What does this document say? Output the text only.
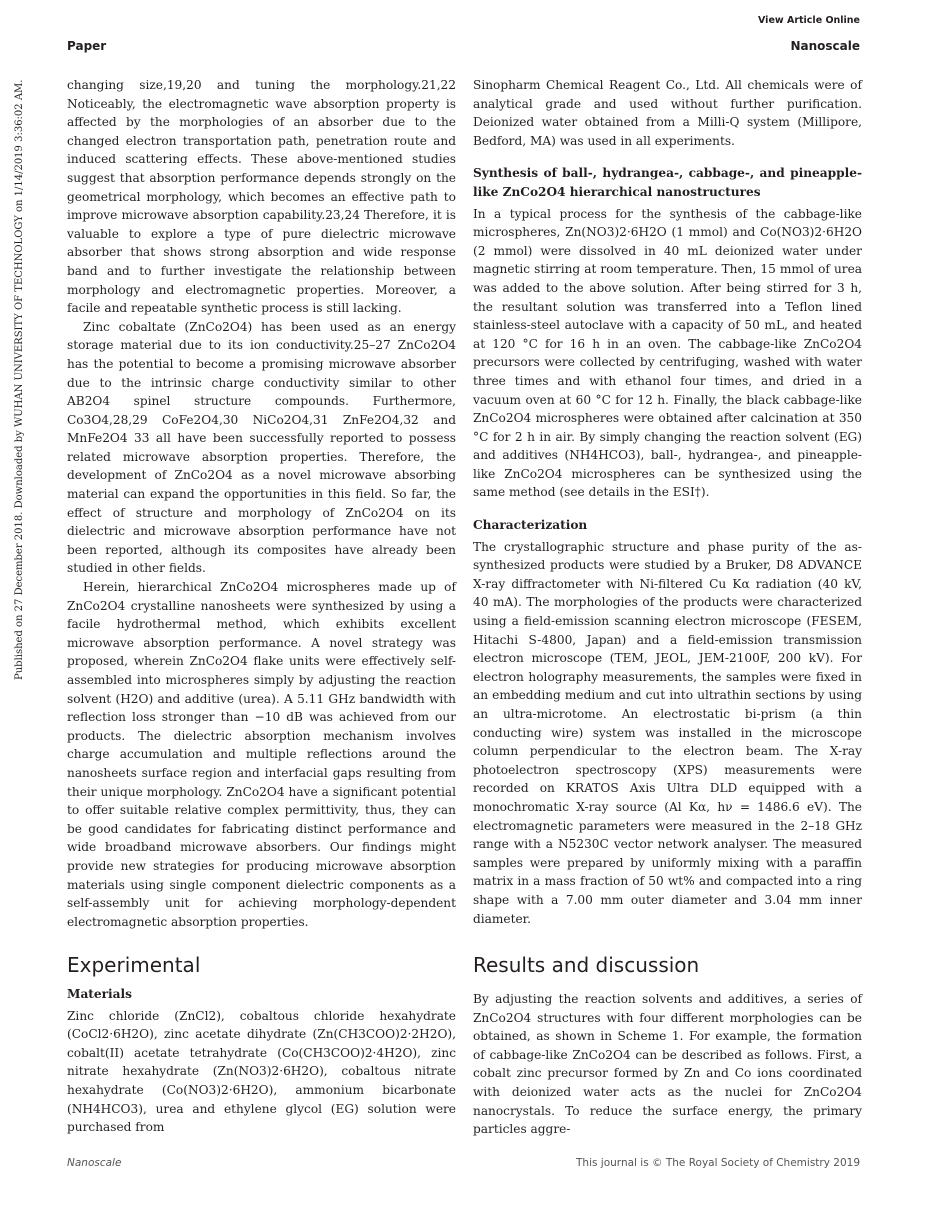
View Article Online
Paper	Nanoscale
Published on 27 December 2018. Downloaded by WUHAN UNIVERSITY OF TECHNOLOGY on 1/14/2019 3:36:02 AM.	changing size,19,20 and tuning the morphology.21,22 Noticeably, the electromagnetic wave absorption property is affected by the morphologies of an absorber due to the changed electron transportation path, penetration route and induced scattering effects. These above-mentioned studies suggest that absorption performance depends strongly on the geometrical morphology, which becomes an effective path to improve microwave absorption capability.23,24 Therefore, it is valuable to explore a type of pure dielectric microwave absorber that shows strong absorption and wide response band and to further investigate the relationship between morphology and electromagnetic properties. Moreover, a facile and repeatable synthetic process is still lacking.

Zinc cobaltate (ZnCo2O4) has been used as an energy storage material due to its ion conductivity.25–27 ZnCo2O4 has the potential to become a promising microwave absorber due to the intrinsic charge conductivity similar to other AB2O4 spinel structure compounds. Furthermore, Co3O4,28,29 CoFe2O4,30 NiCo2O4,31 ZnFe2O4,32 and MnFe2O4 33 all have been successfully reported to possess related microwave absorption properties. Therefore, the development of ZnCo2O4 as a novel microwave absorbing material can expand the opportunities in this field. So far, the effect of structure and morphology of ZnCo2O4 on its dielectric and microwave absorption performance have not been reported, although its composites have already been studied in other fields.

Herein, hierarchical ZnCo2O4 microspheres made up of ZnCo2O4 crystalline nanosheets were synthesized by using a facile hydrothermal method, which exhibits excellent microwave absorption performance. A novel strategy was proposed, wherein ZnCo2O4 flake units were effectively self-assembled into microspheres simply by adjusting the reaction solvent (H2O) and additive (urea). A 5.11 GHz bandwidth with reflection loss stronger than −10 dB was achieved from our products. The dielectric absorption mechanism involves charge accumulation and multiple reflections around the nanosheets surface region and interfacial gaps resulting from their unique morphology. ZnCo2O4 have a significant potential to offer suitable relative complex permittivity, thus, they can be good candidates for fabricating distinct performance and wide broadband microwave absorbers. Our findings might provide new strategies for producing microwave absorption materials using single component dielectric components as a self-assembly unit for achieving morphology-dependent electromagnetic absorption properties.

Sinopharm Chemical Reagent Co., Ltd. All chemicals were of analytical grade and used without further purification. Deionized water obtained from a Milli-Q system (Millipore, Bedford, MA) was used in all experiments.

Synthesis of ball-, hydrangea-, cabbage-, and pineapple-like ZnCo2O4 hierarchical nanostructures

In a typical process for the synthesis of the cabbage-like microspheres, Zn(NO3)2·6H2O (1 mmol) and Co(NO3)2·6H2O (2 mmol) were dissolved in 40 mL deionized water under magnetic stirring at room temperature. Then, 15 mmol of urea was added to the above solution. After being stirred for 3 h, the resultant solution was transferred into a Teflon lined stainless-steel autoclave with a capacity of 50 mL, and heated at 120 °C for 16 h in an oven. The cabbage-like ZnCo2O4 precursors were collected by centrifuging, washed with water three times and with ethanol four times, and dried in a vacuum oven at 60 °C for 12 h. Finally, the black cabbage-like ZnCo2O4 microspheres were obtained after calcination at 350 °C for 2 h in air. By simply changing the reaction solvent (EG) and additives (NH4HCO3), ball-, hydrangea-, and pineapple-like ZnCo2O4 microspheres can be synthesized using the same method (see details in the ESI†).

Characterization

The crystallographic structure and phase purity of the as-synthesized products were studied by a Bruker, D8 ADVANCE X-ray diffractometer with Ni-filtered Cu Kα radiation (40 kV, 40 mA). The morphologies of the products were characterized using a field-emission scanning electron microscope (FESEM, Hitachi S-4800, Japan) and a field-emission transmission electron microscope (TEM, JEOL, JEM-2100F, 200 kV). For electron holography measurements, the samples were fixed in an embedding medium and cut into ultrathin sections by using an ultra-microtome. An electrostatic bi-prism (a thin conducting wire) system was installed in the microscope column perpendicular to the electron beam. The X-ray photoelectron spectroscopy (XPS) measurements were recorded on KRATOS Axis Ultra DLD equipped with a monochromatic X-ray source (Al Kα, hν = 1486.6 eV). The electromagnetic parameters were measured in the 2–18 GHz range with a N5230C vector network analyser. The measured samples were prepared by uniformly mixing with a paraffin matrix in a mass fraction of 50 wt% and compacted into a ring shape with a 7.00 mm outer diameter and 3.04 mm inner diameter.

Experimental

Materials

Zinc chloride (ZnCl2), cobaltous chloride hexahydrate (CoCl2·6H2O), zinc acetate dihydrate (Zn(CH3COO)2·2H2O), cobalt(II) acetate tetrahydrate (Co(CH3COO)2·4H2O), zinc nitrate hexahydrate (Zn(NO3)2·6H2O), cobaltous nitrate hexahydrate (Co(NO3)2·6H2O), ammonium bicarbonate (NH4HCO3), urea and ethylene glycol (EG) solution were purchased from

Results and discussion

By adjusting the reaction solvents and additives, a series of ZnCo2O4 structures with four different morphologies can be obtained, as shown in Scheme 1. For example, the formation of cabbage-like ZnCo2O4 can be described as follows. First, a cobalt zinc precursor formed by Zn and Co ions coordinated with deionized water acts as the nuclei for ZnCo2O4 nanocrystals. To reduce the surface energy, the primary particles aggre-

Nanoscale	This journal is © The Royal Society of Chemistry 2019
